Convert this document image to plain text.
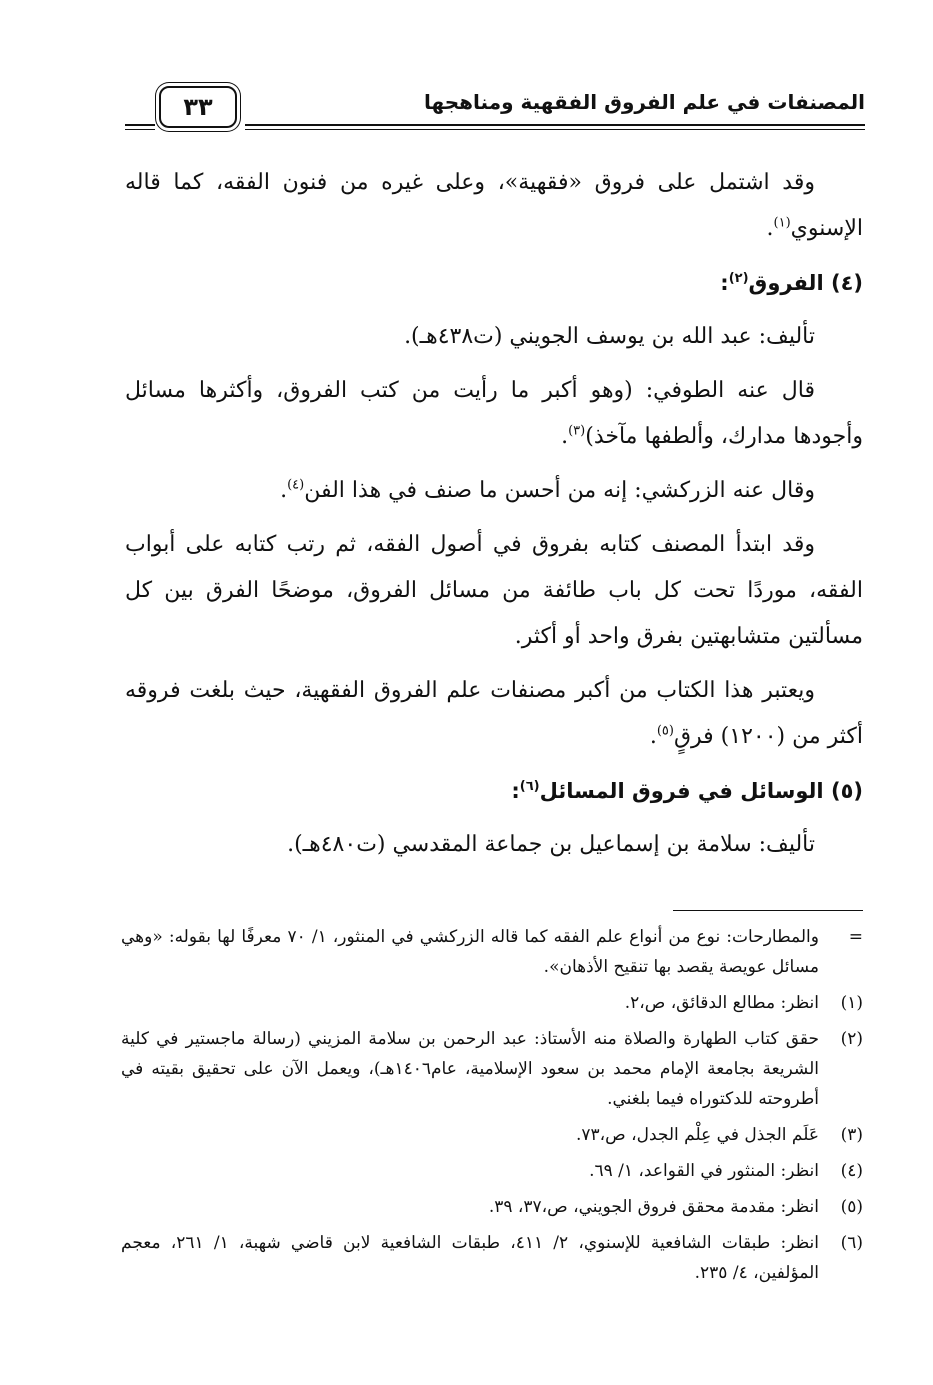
المصنفات في علم الفروق الفقهية ومناهجها
٣٣

وقد اشتمل على فروق «فقهية»، وعلى غيره من فنون الفقه، كما قاله الإسنوي$^{(١)}$.

(٤) الفروق$^{(٢)}$:

تأليف: عبد الله بن يوسف الجويني (ت٤٣٨هـ).

قال عنه الطوفي: (وهو أكبر ما رأيت من كتب الفروق، وأكثرها مسائل وأجودها مدارك، وألطفها مآخذ)$^{(٣)}$.

وقال عنه الزركشي: إنه من أحسن ما صنف في هذا الفن$^{(٤)}$.

وقد ابتدأ المصنف كتابه بفروق في أصول الفقه، ثم رتب كتابه على أبواب الفقه، موردًا تحت كل باب طائفة من مسائل الفروق، موضحًا الفرق بين كل مسألتين متشابهتين بفرق واحد أو أكثر.

ويعتبر هذا الكتاب من أكبر مصنفات علم الفروق الفقهية، حيث بلغت فروقه أكثر من (١٢٠٠) فرقٍ$^{(٥)}$.

(٥) الوسائل في فروق المسائل$^{(٦)}$:

تأليف: سلامة بن إسماعيل بن جماعة المقدسي (ت٤٨٠هـ).

=
والمطارحات: نوع من أنواع علم الفقه كما قاله الزركشي في المنثور، ١/ ٧٠ معرفًا لها بقوله: «وهي مسائل عويصة يقصد بها تنقيح الأذهان».
(١)
انظر: مطالع الدقائق، ص،٢.
(٢)
حقق كتاب الطهارة والصلاة منه الأستاذ: عبد الرحمن بن سلامة المزيني (رسالة ماجستير في كلية الشريعة بجامعة الإمام محمد بن سعود الإسلامية، عام١٤٠٦هـ)، ويعمل الآن على تحقيق بقيته في أطروحته للدكتوراه فيما بلغني.
(٣)
عَلَم الجذل في عِلْم الجدل، ص،٧٣.
(٤)
انظر: المنثور في القواعد، ١/ ٦٩.
(٥)
انظر: مقدمة محقق فروق الجويني، ص،٣٧، ٣٩.
(٦)
انظر: طبقات الشافعية للإسنوي، ٢/ ٤١١، طبقات الشافعية لابن قاضي شهبة، ١/ ٢٦١، معجم المؤلفين، ٤/ ٢٣٥.
